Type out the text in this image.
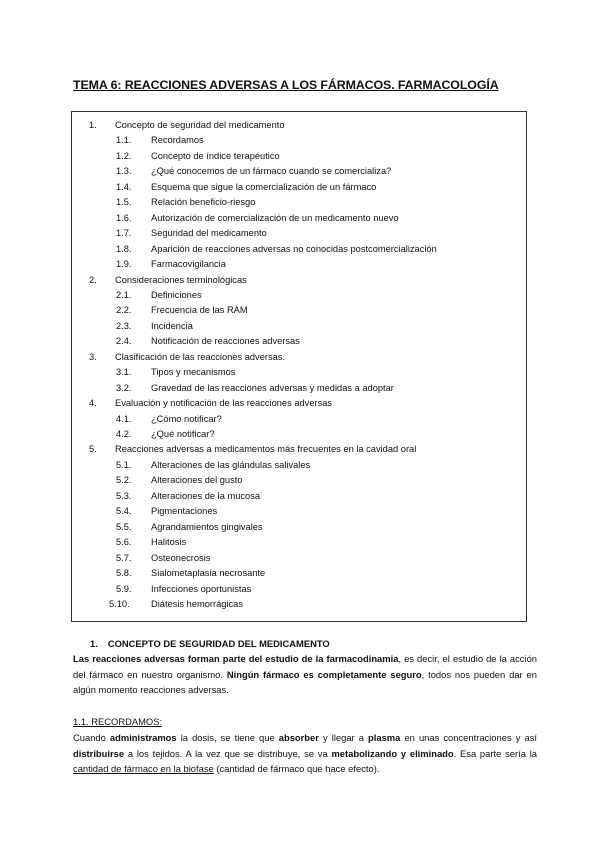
TEMA 6: REACCIONES ADVERSAS A LOS FÁRMACOS. FARMACOLOGÍA
1. Concepto de seguridad del medicamento
1.1. Recordamos
1.2. Concepto de índice terapéutico
1.3. ¿Qué conocemos de un fármaco cuando se comercializa?
1.4. Esquema que sigue la comercialización de un fármaco
1.5. Relación beneficio-riesgo
1.6. Autorización de comercialización de un medicamento nuevo
1.7. Seguridad del medicamento
1.8. Aparición de reacciones adversas no conocidas postcomercialización
1.9. Farmacovigilancia
2. Consideraciones terminológicas
2.1. Definiciones
2.2. Frecuencia de las RAM
2.3. Incidencia
2.4. Notificación de reacciones adversas
3. Clasificación de las reacciones adversas.
3.1. Tipos y mecanismos
3.2. Gravedad de las reacciones adversas y medidas a adoptar
4. Evaluación y notificación de las reacciones adversas
4.1. ¿Cómo notificar?
4.2. ¿Qué notificar?
5. Reacciones adversas a medicamentos más frecuentes en la cavidad oral
5.1. Alteraciones de las glándulas salivales
5.2. Alteraciones del gusto
5.3. Alteraciones de la mucosa
5.4. Pigmentaciones
5.5. Agrandamientos gingivales
5.6. Halitosis
5.7. Osteonecrosis
5.8. Sialometaplasia necrosante
5.9. Infecciones oportunistas
5.10. Diátesis hemorrágicas
1. CONCEPTO DE SEGURIDAD DEL MEDICAMENTO
Las reacciones adversas forman parte del estudio de la farmacodinamia, es decir, el estudio de la acción del fármaco en nuestro organismo. Ningún fármaco es completamente seguro, todos nos pueden dar en algún momento reacciones adversas.
1.1. RECORDAMOS:
Cuando administramos la dosis, se tiene que absorber y llegar a plasma en unas concentraciones y así distribuirse a los tejidos. A la vez que se distribuye, se va metabolizando y eliminado. Esa parte sería la cantidad de fármaco en la biofase (cantidad de fármaco que hace efecto).
